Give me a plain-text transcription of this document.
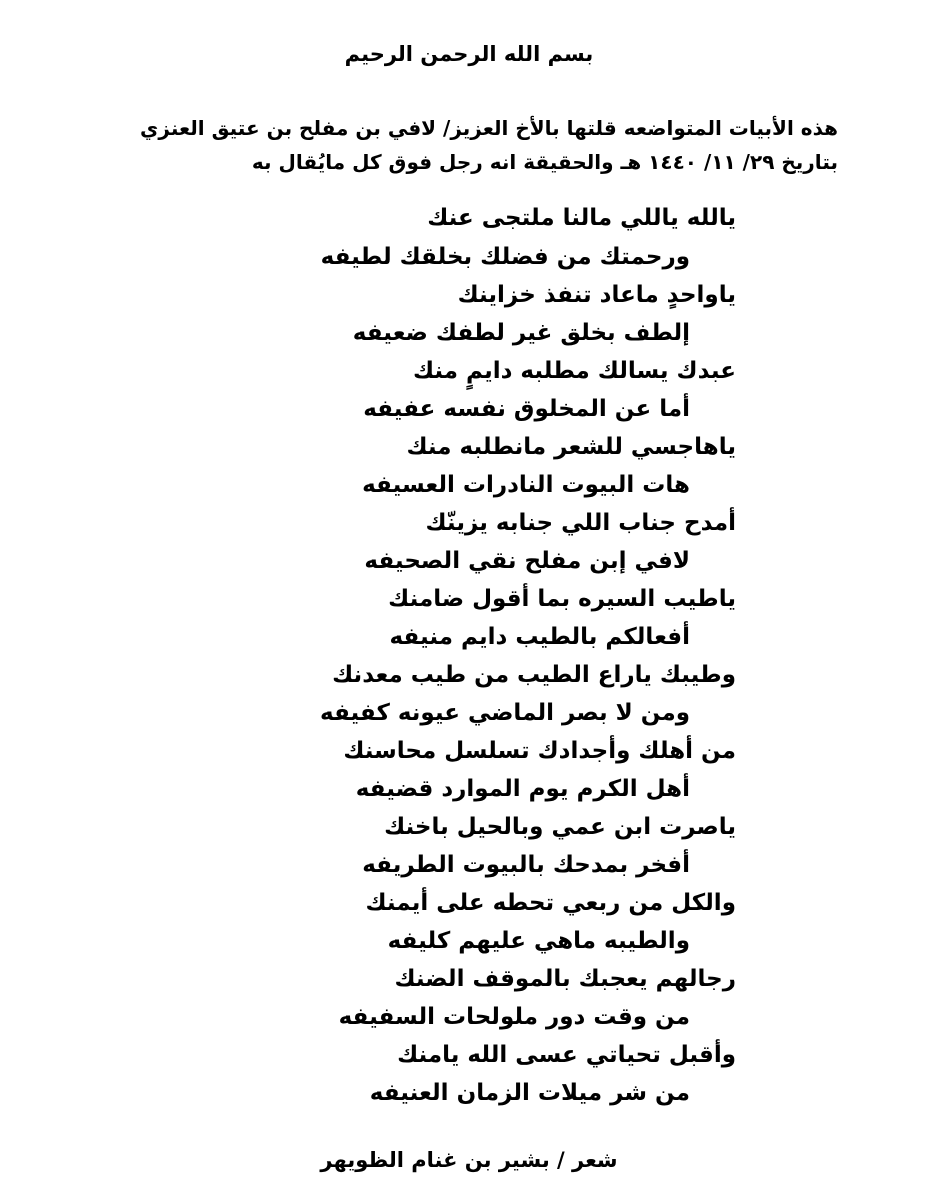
بسم الله الرحمن الرحيم
هذه الأبيات المتواضعه قلتها بالأخ العزيز/ لافي بن مفلح بن عتيق العنزي
بتاريخ ٢٩/ ١١/ ١٤٤٠ هـ والحقيقة انه رجل فوق كل مايُقال به
يالله ياللي مالنا ملتجى عنك
ورحمتك من فضلك بخلقك لطيفه
ياواحدٍ ماعاد تنفذ خزاينك
إلطف بخلق غير لطفك ضعيفه
عبدك يسالك مطلبه دايمٍ منك
أما عن المخلوق نفسه عفيفه
ياهاجسي للشعر مانطلبه منك
هات البيوت النادرات العسيفه
أمدح جناب اللي جنابه يزينّك
لافي إبن مفلح نقي الصحيفه
ياطيب السيره بما أقول ضامنك
أفعالكم بالطيب دايم منيفه
وطيبك ياراع الطيب من طيب معدنك
ومن لا بصر الماضي عيونه كفيفه
من أهلك وأجدادك تسلسل محاسنك
أهل الكرم يوم الموارد قضيفه
ياصرت ابن عمي وبالحيل باخنك
أفخر بمدحك بالبيوت الطريفه
والكل من ربعي تحطه على أيمنك
والطيبه ماهي عليهم كليفه
رجالهم يعجبك بالموقف الضنك
من وقت دور ملولحات السفيفه
وأقبل تحياتي عسى الله يامنك
من شر ميلات الزمان العنيفه
شعر / بشير بن غنام الظويهر
